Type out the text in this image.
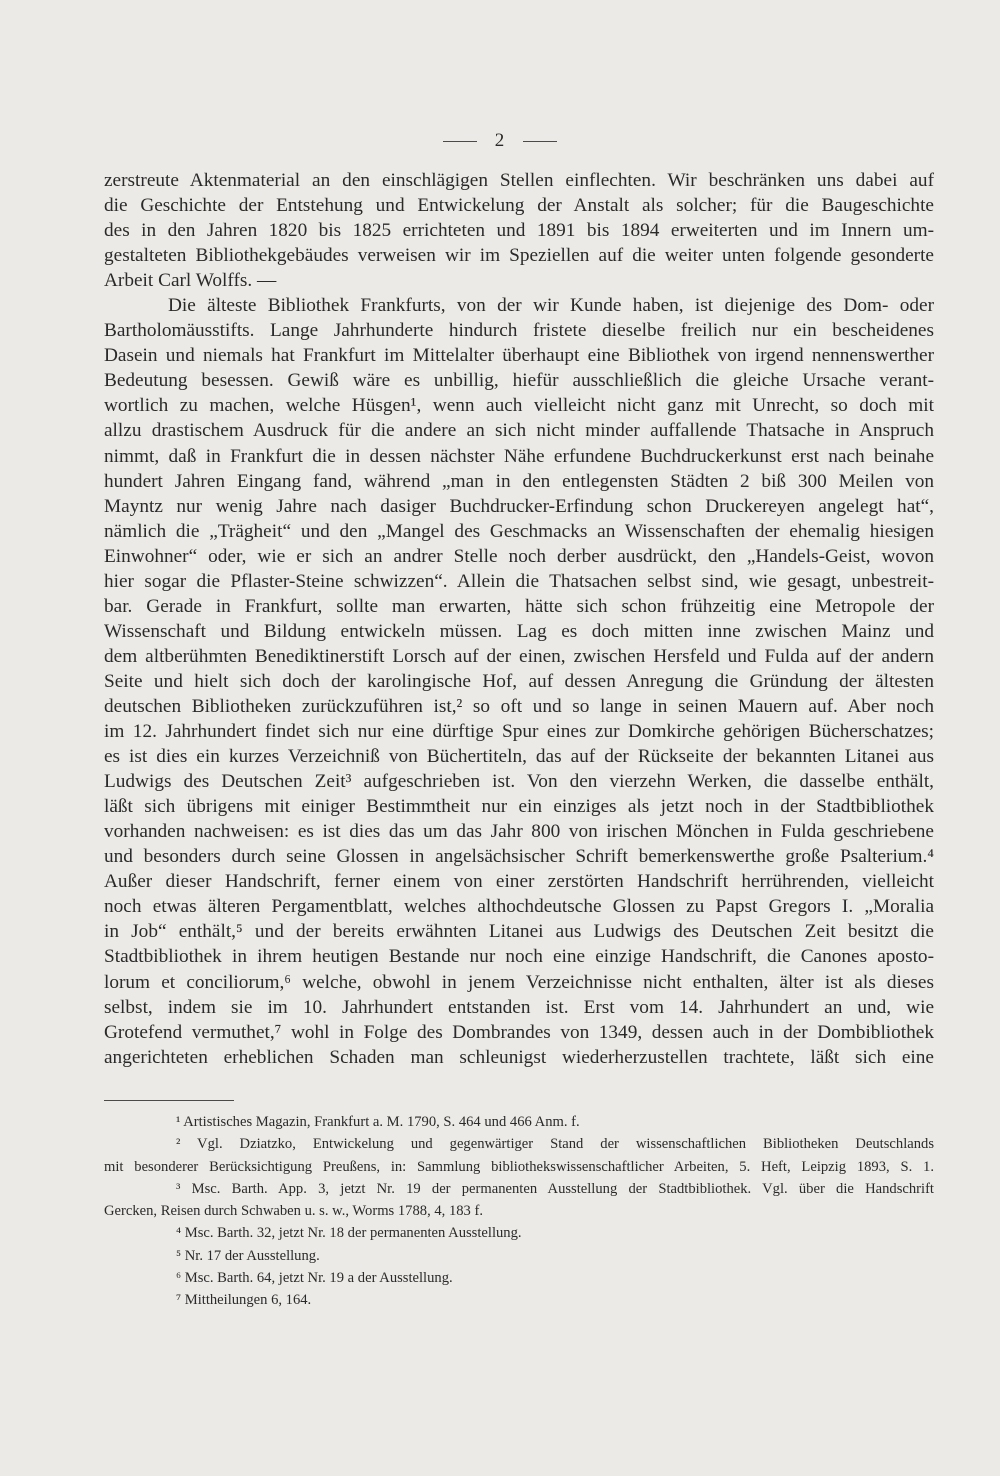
2
zerstreute Aktenmaterial an den einschlägigen Stellen einflechten. Wir beschränken uns dabei auf
die Geschichte der Entstehung und Entwickelung der Anstalt als solcher; für die Baugeschichte
des in den Jahren 1820 bis 1825 errichteten und 1891 bis 1894 erweiterten und im Innern um-
gestalteten Bibliothekgebäudes verweisen wir im Speziellen auf die weiter unten folgende gesonderte
Arbeit Carl Wolffs. —
Die älteste Bibliothek Frankfurts, von der wir Kunde haben, ist diejenige des Dom- oder
Bartholomäusstifts. Lange Jahrhunderte hindurch fristete dieselbe freilich nur ein bescheidenes
Dasein und niemals hat Frankfurt im Mittelalter überhaupt eine Bibliothek von irgend nennenswerther
Bedeutung besessen. Gewiß wäre es unbillig, hiefür ausschließlich die gleiche Ursache verant-
wortlich zu machen, welche Hüsgen¹, wenn auch vielleicht nicht ganz mit Unrecht, so doch mit
allzu drastischem Ausdruck für die andere an sich nicht minder auffallende Thatsache in Anspruch
nimmt, daß in Frankfurt die in dessen nächster Nähe erfundene Buchdruckerkunst erst nach beinahe
hundert Jahren Eingang fand, während „man in den entlegensten Städten 2 biß 300 Meilen von
Mayntz nur wenig Jahre nach dasiger Buchdrucker-Erfindung schon Druckereyen angelegt hat“,
nämlich die „Trägheit“ und den „Mangel des Geschmacks an Wissenschaften der ehemalig hiesigen
Einwohner“ oder, wie er sich an andrer Stelle noch derber ausdrückt, den „Handels-Geist, wovon
hier sogar die Pflaster-Steine schwizzen“. Allein die Thatsachen selbst sind, wie gesagt, unbestreit-
bar. Gerade in Frankfurt, sollte man erwarten, hätte sich schon frühzeitig eine Metropole der
Wissenschaft und Bildung entwickeln müssen. Lag es doch mitten inne zwischen Mainz und
dem altberühmten Benediktinerstift Lorsch auf der einen, zwischen Hersfeld und Fulda auf der andern
Seite und hielt sich doch der karolingische Hof, auf dessen Anregung die Gründung der ältesten
deutschen Bibliotheken zurückzuführen ist,² so oft und so lange in seinen Mauern auf. Aber noch
im 12. Jahrhundert findet sich nur eine dürftige Spur eines zur Domkirche gehörigen Bücherschatzes;
es ist dies ein kurzes Verzeichniß von Büchertiteln, das auf der Rückseite der bekannten Litanei aus
Ludwigs des Deutschen Zeit³ aufgeschrieben ist. Von den vierzehn Werken, die dasselbe enthält,
läßt sich übrigens mit einiger Bestimmtheit nur ein einziges als jetzt noch in der Stadtbibliothek
vorhanden nachweisen: es ist dies das um das Jahr 800 von irischen Mönchen in Fulda geschriebene
und besonders durch seine Glossen in angelsächsischer Schrift bemerkenswerthe große Psalterium.⁴
Außer dieser Handschrift, ferner einem von einer zerstörten Handschrift herrührenden, vielleicht
noch etwas älteren Pergamentblatt, welches althochdeutsche Glossen zu Papst Gregors I. „Moralia
in Job“ enthält,⁵ und der bereits erwähnten Litanei aus Ludwigs des Deutschen Zeit besitzt die
Stadtbibliothek in ihrem heutigen Bestande nur noch eine einzige Handschrift, die Canones aposto-
lorum et conciliorum,⁶ welche, obwohl in jenem Verzeichnisse nicht enthalten, älter ist als dieses
selbst, indem sie im 10. Jahrhundert entstanden ist. Erst vom 14. Jahrhundert an und, wie
Grotefend vermuthet,⁷ wohl in Folge des Dombrandes von 1349, dessen auch in der Dombibliothek
angerichteten erheblichen Schaden man schleunigst wiederherzustellen trachtete, läßt sich eine
¹ Artistisches Magazin, Frankfurt a. M. 1790, S. 464 und 466 Anm. f.
² Vgl. Dziatzko, Entwickelung und gegenwärtiger Stand der wissenschaftlichen Bibliotheken Deutschlands
mit besonderer Berücksichtigung Preußens, in: Sammlung bibliothekswissenschaftlicher Arbeiten, 5. Heft, Leipzig 1893, S. 1.
³ Msc. Barth. App. 3, jetzt Nr. 19 der permanenten Ausstellung der Stadtbibliothek. Vgl. über die Handschrift
Gercken, Reisen durch Schwaben u. s. w., Worms 1788, 4, 183 f.
⁴ Msc. Barth. 32, jetzt Nr. 18 der permanenten Ausstellung.
⁵ Nr. 17 der Ausstellung.
⁶ Msc. Barth. 64, jetzt Nr. 19 a der Ausstellung.
⁷ Mittheilungen 6, 164.
